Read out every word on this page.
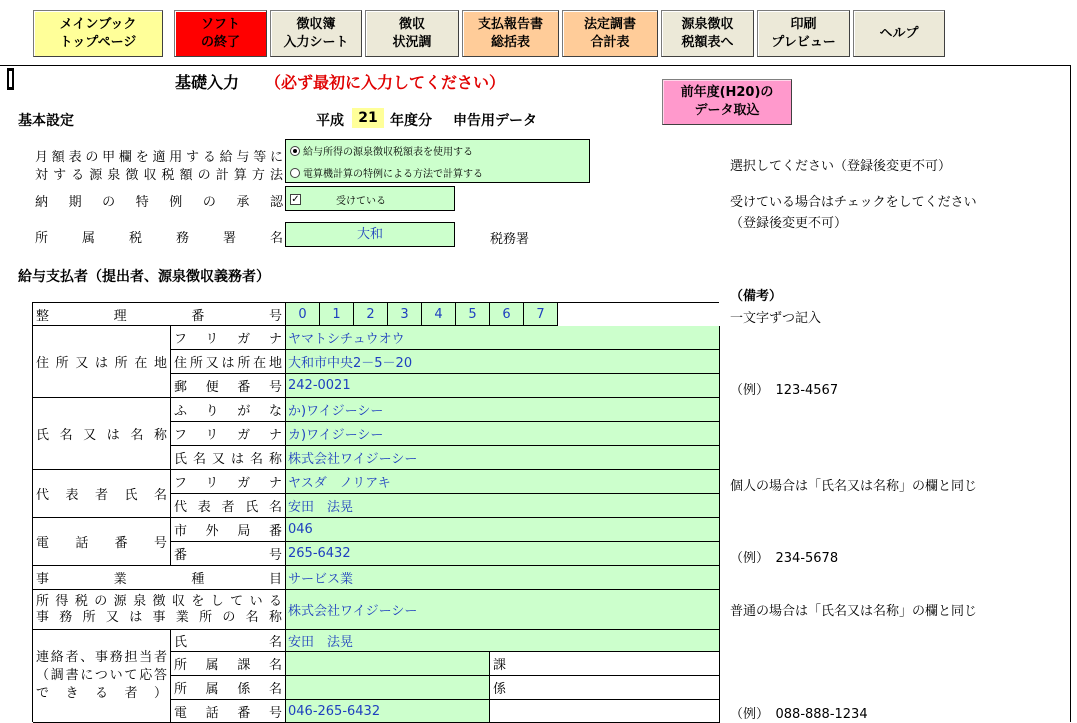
メインブック
トップページ
ソフト
の終了
徴収簿
入力シート
徴収
状況調
支払報告書
総括表
法定調書
合計表
源泉徴収
税額表へ
印刷
プレビュー
ヘルプ
基礎入力 （必ず最初に入力してください）
前年度(H20)の
データ取込
基本設定	平成	21 年度分 申告用データ
月額表の甲欄を適用する給与等に
対する源泉徴収税額の計算方法
給与所得の源泉徴収税額表を使用する
電算機計算の特例による方法で計算する
選択してください（登録後変更不可）
納期の特例の承認 ✓	受けている	受けている場合はチェックをしてください
（登録後変更不可）
所属税務署名	大和	税務署
給与支払者（提出者、源泉徴収義務者）
（備考）
整理番号	0	1	2	3	4	5	6	7
住所又は所在地
フリガナ ヤマトシチュウオウ
住所又は所在地 大和市中央2－5－20
郵便番号 242-0021
氏名又は名称
ふりがな か)ワイジーシー
フリガナ カ)ワイジーシー
氏名又は名称 株式会社ワイジーシー
代表者氏名
フリガナ ヤスダ　ノリアキ
代表者氏名 安田　法晃
電話番号
市外局番 046
番号 265-6432
事業種目 サービス業
所得税の源泉徴収をしている
事務所又は事業所の名称 株式会社ワイジーシー
連絡者、事務担当者
（調書について応答
できる者）
氏名 安田　法晃
所属課名	課
所属係名	係
電話番号 046-265-6432
一文字ずつ記入
（例）　123-4567
個人の場合は「氏名又は名称」の欄と同じ
（例）　234-5678
普通の場合は「氏名又は名称」の欄と同じ
（例）　088-888-1234
